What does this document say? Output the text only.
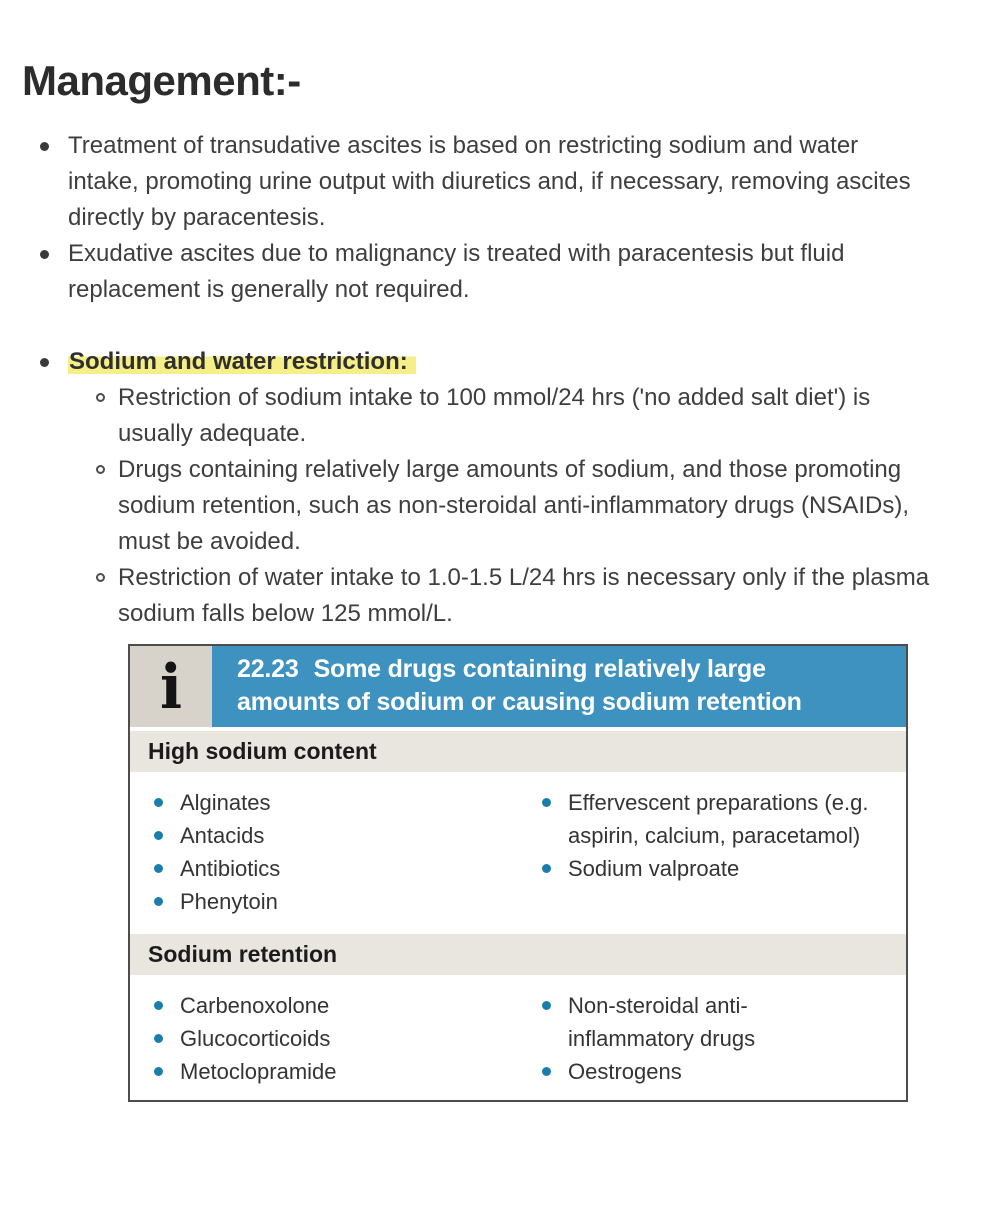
Management:-
Treatment of transudative ascites is based on restricting sodium and water intake, promoting urine output with diuretics and, if necessary, removing ascites directly by paracentesis.
Exudative ascites due to malignancy is treated with paracentesis but fluid replacement is generally not required.
Sodium and water restriction:
Restriction of sodium intake to 100 mmol/24 hrs ('no added salt diet') is usually adequate.
Drugs containing relatively large amounts of sodium, and those promoting sodium retention, such as non-steroidal anti-inflammatory drugs (NSAIDs), must be avoided.
Restriction of water intake to 1.0-1.5 L/24 hrs is necessary only if the plasma sodium falls below 125 mmol/L.
i 22.23 Some drugs containing relatively large amounts of sodium or causing sodium retention
High sodium content
Alginates
Antacids
Antibiotics
Phenytoin
Effervescent preparations (e.g. aspirin, calcium, paracetamol)
Sodium valproate
Sodium retention
Carbenoxolone
Glucocorticoids
Metoclopramide
Non-steroidal anti-inflammatory drugs
Oestrogens
